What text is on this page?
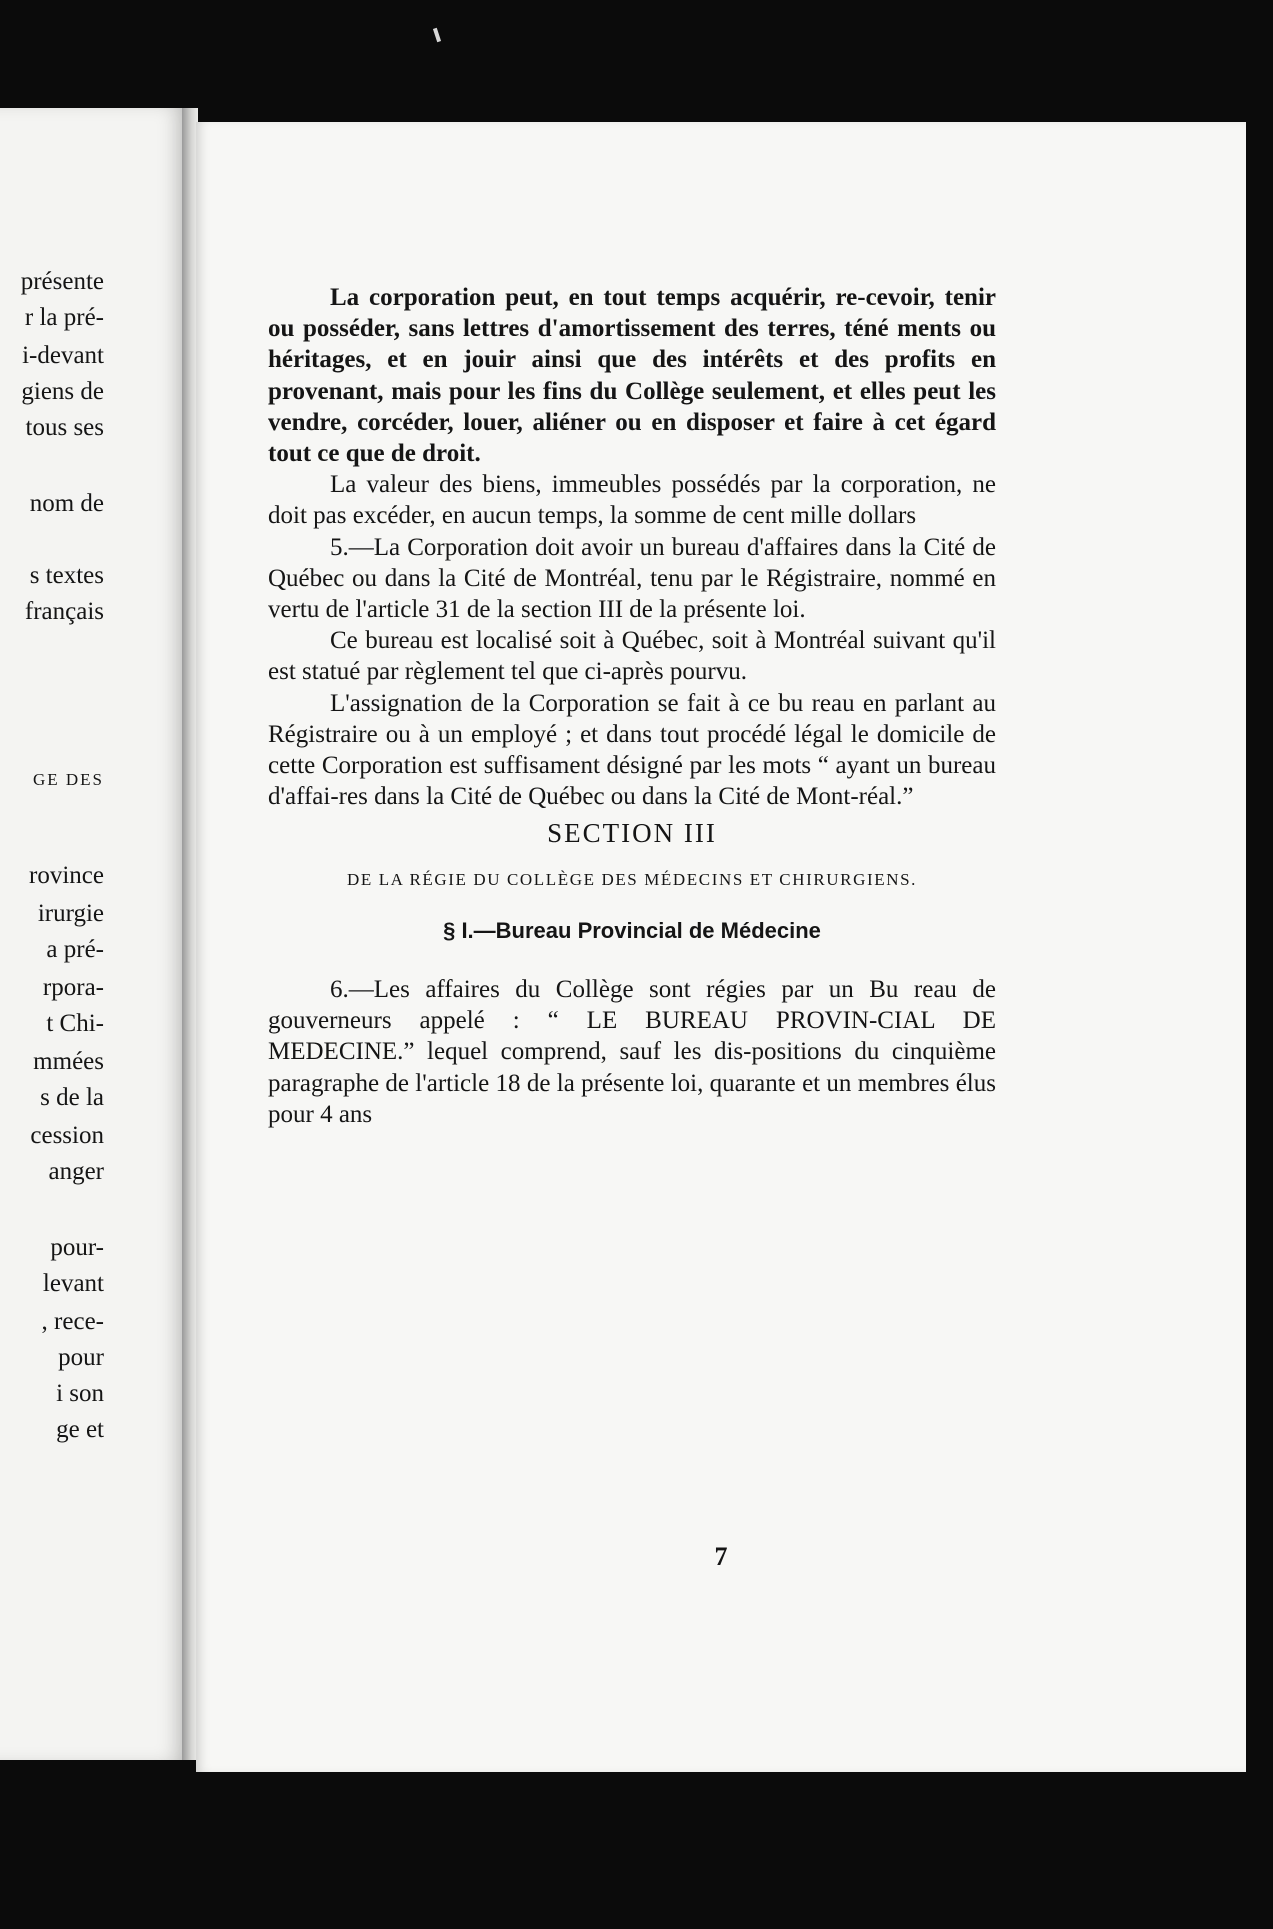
présente
r la pré-
i-devant
giens de
tous ses
nom de
s textes
français
GE DES
rovince
irurgie
a pré-
rpora-
t Chi-
mmées
s de la
cession
anger
pour-
levant
, rece-
pour
i son
ge et

La corporation peut, en tout temps acquérir, re-cevoir, tenir ou posséder, sans lettres d'amortissement des terres, téné ments ou héritages, et en jouir ainsi que des intérêts et des profits en provenant, mais pour les fins du Collège seulement, et elles peut les vendre, corcéder, louer, aliéner ou en disposer et faire à cet égard tout ce que de droit.

La valeur des biens, immeubles possédés par la corporation, ne doit pas excéder, en aucun temps, la somme de cent mille dollars

5.—La Corporation doit avoir un bureau d'affaires dans la Cité de Québec ou dans la Cité de Montréal, tenu par le Régistraire, nommé en vertu de l'article 31 de la section III de la présente loi.

Ce bureau est localisé soit à Québec, soit à Montréal suivant qu'il est statué par règlement tel que ci-après pourvu.

L'assignation de la Corporation se fait à ce bu reau en parlant au Régistraire ou à un employé ; et dans tout procédé légal le domicile de cette Corporation est suffisament désigné par les mots “ ayant un bureau d'affai-res dans la Cité de Québec ou dans la Cité de Mont-réal.”

SECTION III
DE LA RÉGIE DU COLLÈGE DES MÉDECINS ET CHIRURGIENS.
§ I.—Bureau Provincial de Médecine

6.—Les affaires du Collège sont régies par un Bu reau de gouverneurs appelé : “ LE BUREAU PROVIN-CIAL DE MEDECINE.” lequel comprend, sauf les dis-positions du cinquième paragraphe de l'article 18 de la présente loi, quarante et un membres élus pour 4 ans

7
